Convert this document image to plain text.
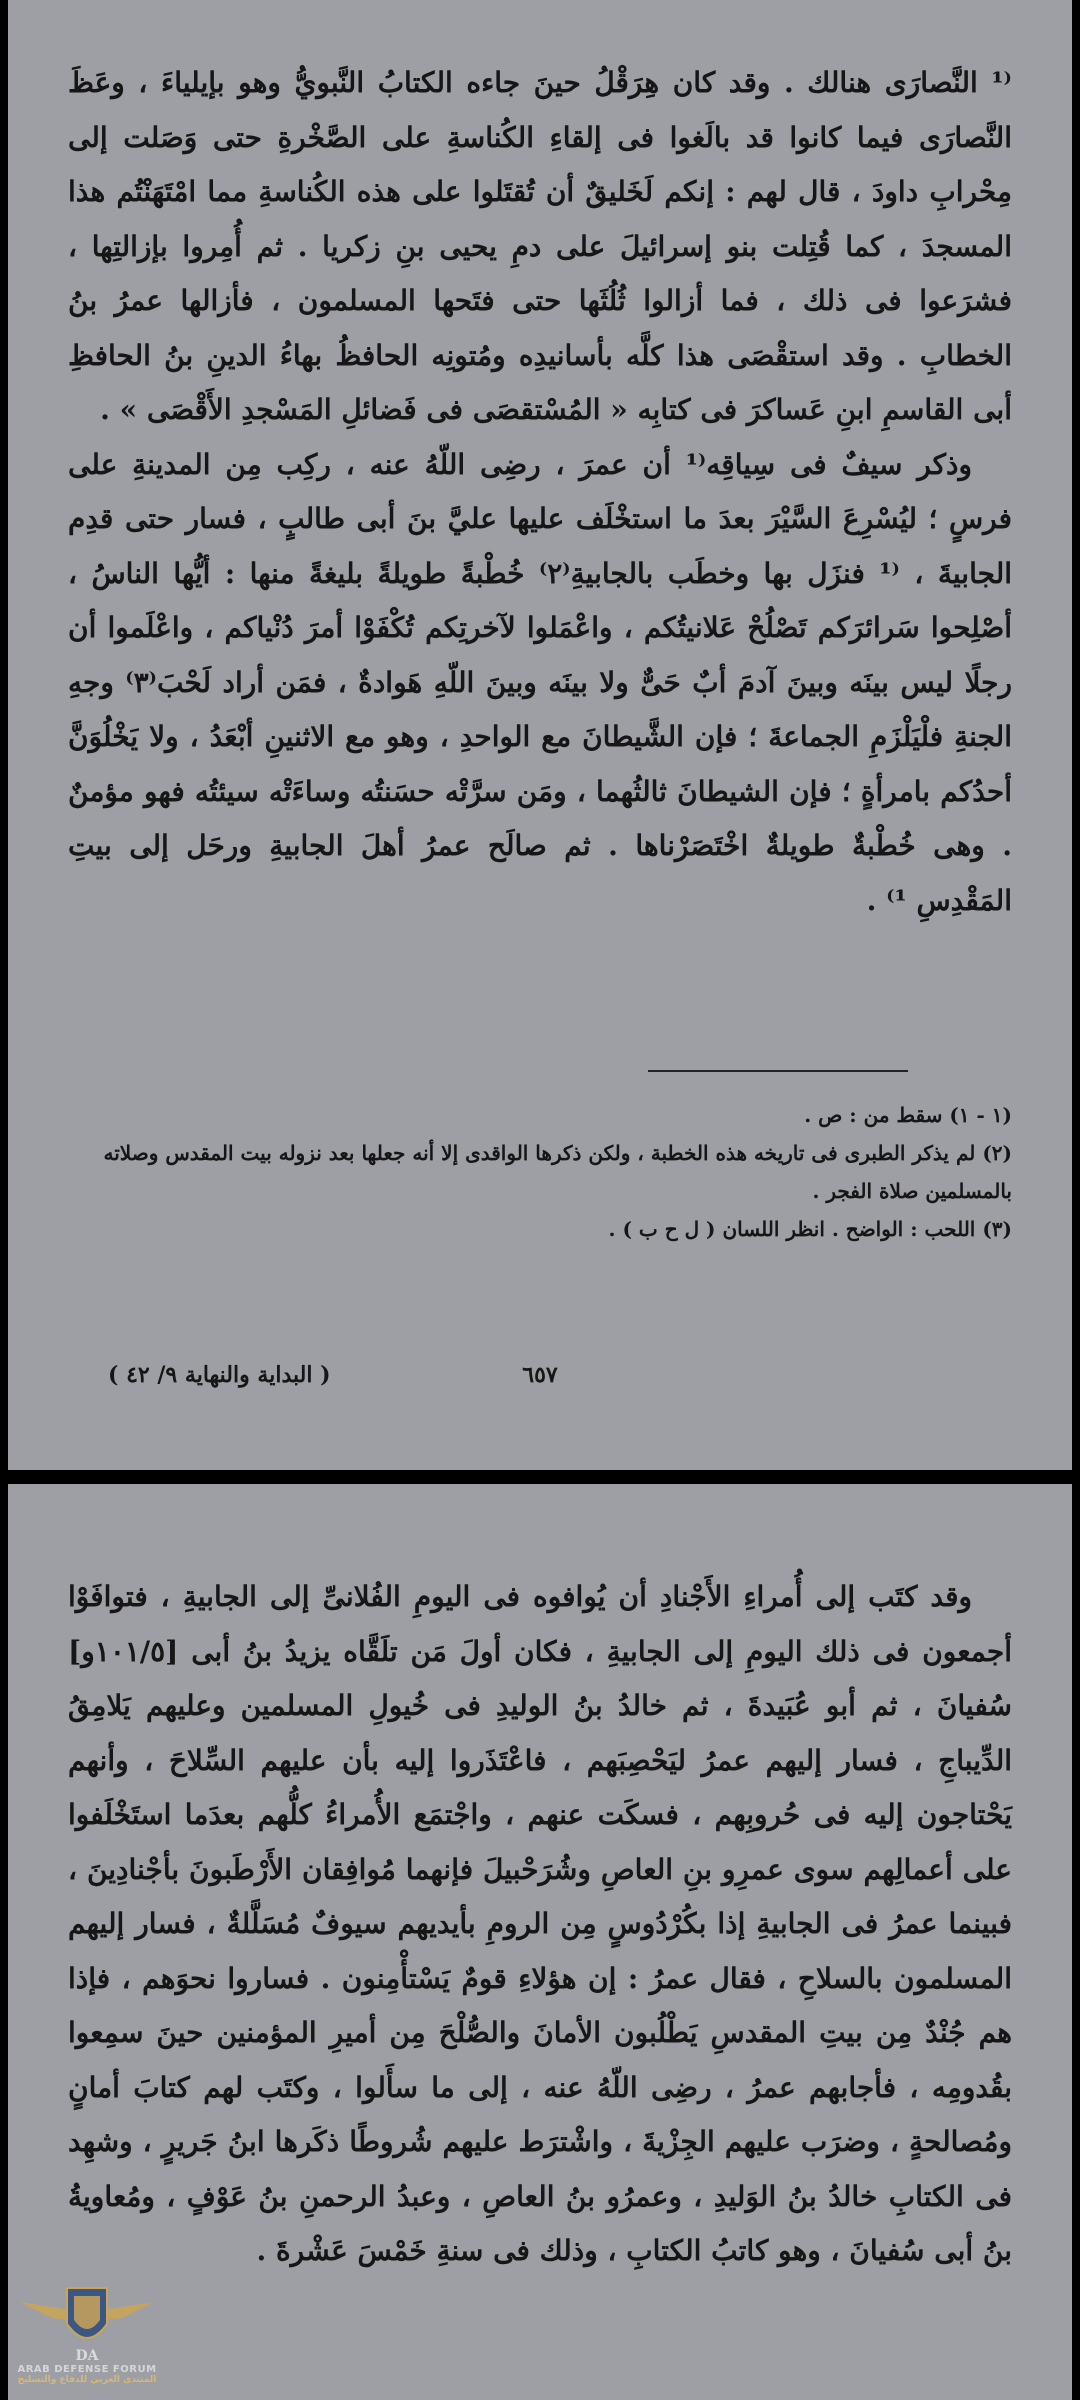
⁽¹ النَّصارَى هنالك . وقد كان هِرَقْلُ حينَ جاءه الكتابُ النَّبويُّ وهو بإيلياءَ ، وعَظَ النَّصارَى فيما كانوا قد بالَغوا فى إلقاءِ الكُناسةِ على الصَّخْرةِ حتى وَصَلت إلى مِحْرابِ داودَ ، قال لهم : إنكم لَخَليقٌ أن تُقتَلوا على هذه الكُناسةِ مما امْتَهَنْتُم هذا المسجدَ ، كما قُتِلت بنو إسرائيلَ على دمِ يحيى بنِ زكريا . ثم أُمِروا بإزالتِها ، فشرَعوا فى ذلك ، فما أزالوا ثُلُثَها حتى فتَحها المسلمون ، فأزالها عمرُ بنُ الخطابِ . وقد استقْصَى هذا كلَّه بأسانيدِه ومُتونِه الحافظُ بهاءُ الدينِ بنُ الحافظِ أبى القاسمِ ابنِ عَساكرَ فى كتابِه « المُسْتقصَى فى فَضائلِ المَسْجدِ الأَقْصَى » .

وذكر سيفٌ فى سِياقِه⁽¹ أن عمرَ ، رضِى اللّهُ عنه ، ركِب مِن المدينةِ على فرسٍ ؛ ليُسْرِعَ السَّيْرَ بعدَ ما استخْلَف عليها عليَّ بنَ أبى طالبٍ ، فسار حتى قدِم الجابيةَ ، ⁽¹ فنزَل بها وخطَب بالجابيةِ⁽٢⁾ خُطْبةً طويلةً بليغةً منها : أيُّها الناسُ ، أصْلِحوا سَرائرَكم تَصْلُحْ عَلانيتُكم ، واعْمَلوا لآخرتِكم تُكْفَوْا أمرَ دُنْياكم ، واعْلَموا أن رجلًا ليس بينَه وبينَ آدمَ أبٌ حَىٌّ ولا بينَه وبينَ اللّهِ هَوادةٌ ، فمَن أراد لَحْبَ⁽٣⁾ وجهِ الجنةِ فلْيَلْزَمِ الجماعةَ ؛ فإن الشَّيطانَ مع الواحدِ ، وهو مع الاثنينِ أبْعَدُ ، ولا يَخْلُوَنَّ أحدُكم بامرأةٍ ؛ فإن الشيطانَ ثالثُهما ، ومَن سرَّتْه حسَنتُه وساءَتْه سيئتُه فهو مؤمنٌ . وهى خُطْبةٌ طويلةٌ اخْتَصَرْناها . ثم صالَح عمرُ أهلَ الجابيةِ ورحَل إلى بيتِ المَقْدِسِ ¹⁾ .

(١ - ١) سقط من : ص .

(٢) لم يذكر الطبرى فى تاريخه هذه الخطبة ، ولكن ذكرها الواقدى إلا أنه جعلها بعد نزوله بيت المقدس وصلاته بالمسلمين صلاة الفجر .

(٣) اللحب : الواضح . انظر اللسان ( ل ح ب ) .

٦٥٧
( البداية والنهاية ٩/ ٤٢ )

وقد كتَب إلى أُمراءِ الأَجْنادِ أن يُوافوه فى اليومِ الفُلانىِّ إلى الجابيةِ ، فتوافَوْا أجمعون فى ذلك اليومِ إلى الجابيةِ ، فكان أولَ مَن تلَقَّاه يزيدُ بنُ أبى [١٠١/٥و] سُفيانَ ، ثم أبو عُبَيدةَ ، ثم خالدُ بنُ الوليدِ فى خُيولِ المسلمين وعليهم يَلامِقُ الدِّيباجِ ، فسار إليهم عمرُ ليَحْصِبَهم ، فاعْتَذَروا إليه بأن عليهم السِّلاحَ ، وأنهم يَحْتاجون إليه فى حُروبِهم ، فسكَت عنهم ، واجْتمَع الأُمراءُ كلُّهم بعدَما استَخْلَفوا على أعمالِهم سوى عمرِو بنِ العاصِ وشُرَحْبيلَ فإنهما مُوافِقان الأَرْطَبونَ بأجْنادِينَ ، فبينما عمرُ فى الجابيةِ إذا بكُرْدُوسٍ مِن الرومِ بأيديهم سيوفٌ مُسَلَّلةٌ ، فسار إليهم المسلمون بالسلاحِ ، فقال عمرُ : إن هؤلاءِ قومٌ يَسْتأْمِنون . فساروا نحوَهم ، فإذا هم جُنْدٌ مِن بيتِ المقدسِ يَطْلُبون الأمانَ والصُّلْحَ مِن أميرِ المؤمنين حينَ سمِعوا بقُدومِه ، فأجابهم عمرُ ، رضِى اللّهُ عنه ، إلى ما سأَلوا ، وكتَب لهم كتابَ أمانٍ ومُصالحةٍ ، وضرَب عليهم الجِزْيةَ ، واشْترَط عليهم شُروطًا ذكَرها ابنُ جَريرٍ ، وشهِد فى الكتابِ خالدُ بنُ الوَليدِ ، وعمرُو بنُ العاصِ ، وعبدُ الرحمنِ بنُ عَوْفٍ ، ومُعاويةُ بنُ أبى سُفيانَ ، وهو كاتبُ الكتابِ ، وذلك فى سنةِ خَمْسَ عَشْرةَ .

DA
ARAB DEFENSE FORUM
المنتدى العربي للدفاع والتسليح
